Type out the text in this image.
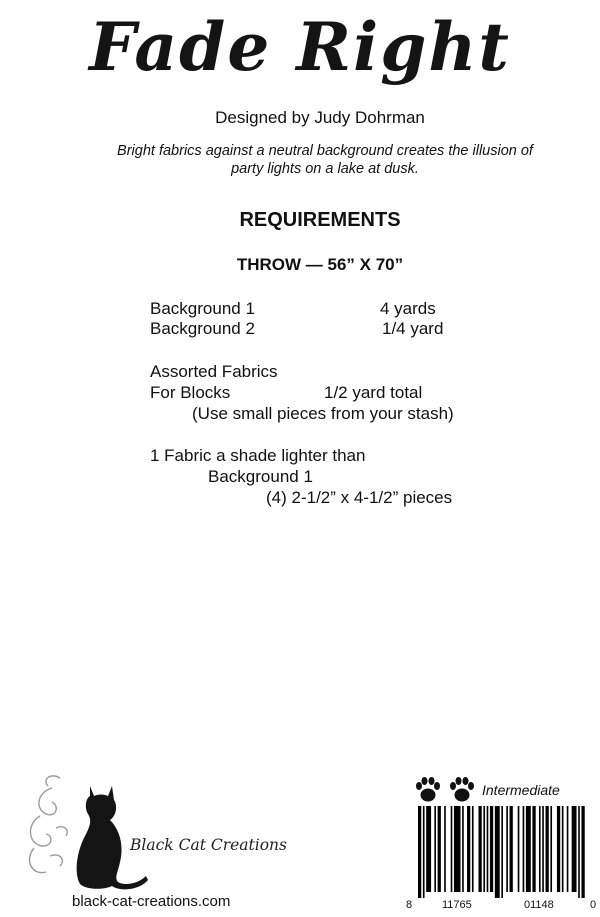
Fade Right
Designed by Judy Dohrman
Bright fabrics against a neutral background creates the illusion of
party lights on a lake at dusk.
REQUIREMENTS
THROW — 56” X 70”
Background 1	4 yards
Background 2	1/4 yard
Assorted Fabrics
For Blocks	1/2 yard total
(Use small pieces from your stash)
1 Fabric a shade lighter than
Background 1
(4) 2-1/2” x 4-1/2” pieces
Black Cat Creations
black-cat-creations.com
Intermediate
8	11765	01148	0
